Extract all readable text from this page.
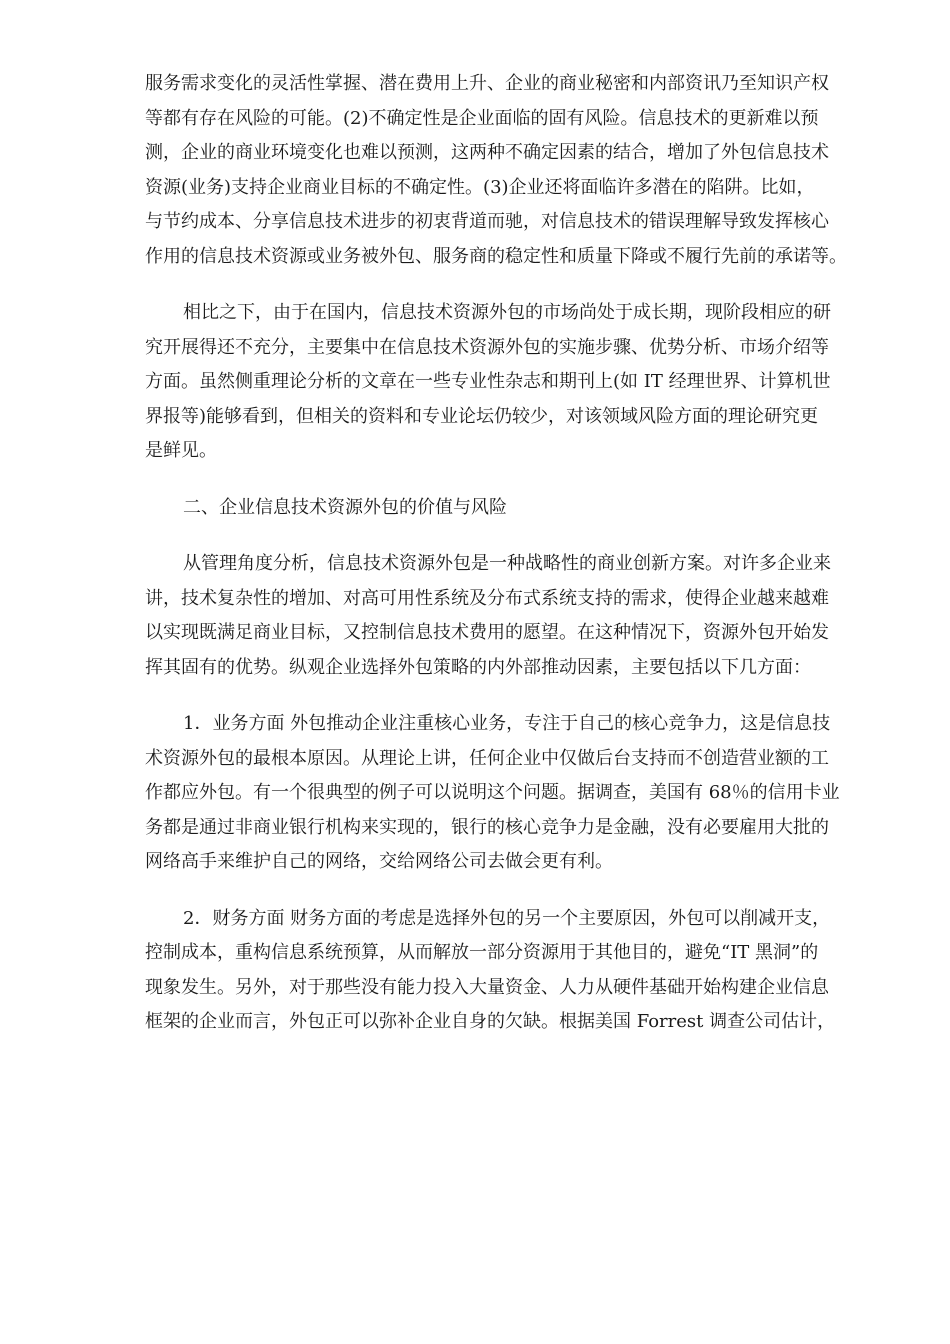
服务需求变化的灵活性掌握、潜在费用上升、企业的商业秘密和内部资讯乃至知识产权
等都有存在风险的可能。(2)不确定性是企业面临的固有风险。信息技术的更新难以预
测，企业的商业环境变化也难以预测，这两种不确定因素的结合，增加了外包信息技术
资源(业务)支持企业商业目标的不确定性。(3)企业还将面临许多潜在的陷阱。比如，
与节约成本、分享信息技术进步的初衷背道而驰，对信息技术的错误理解导致发挥核心
作用的信息技术资源或业务被外包、服务商的稳定性和质量下降或不履行先前的承诺等。
相比之下，由于在国内，信息技术资源外包的市场尚处于成长期，现阶段相应的研
究开展得还不充分，主要集中在信息技术资源外包的实施步骤、优势分析、市场介绍等
方面。虽然侧重理论分析的文章在一些专业性杂志和期刊上(如 IT 经理世界、计算机世
界报等)能够看到，但相关的资料和专业论坛仍较少，对该领域风险方面的理论研究更
是鲜见。
二、企业信息技术资源外包的价值与风险
从管理角度分析，信息技术资源外包是一种战略性的商业创新方案。对许多企业来
讲，技术复杂性的增加、对高可用性系统及分布式系统支持的需求，使得企业越来越难
以实现既满足商业目标，又控制信息技术费用的愿望。在这种情况下，资源外包开始发
挥其固有的优势。纵观企业选择外包策略的内外部推动因素，主要包括以下几方面：
1．业务方面 外包推动企业注重核心业务，专注于自己的核心竞争力，这是信息技
术资源外包的最根本原因。从理论上讲，任何企业中仅做后台支持而不创造营业额的工
作都应外包。有一个很典型的例子可以说明这个问题。据调查，美国有 68％的信用卡业
务都是通过非商业银行机构来实现的，银行的核心竞争力是金融，没有必要雇用大批的
网络高手来维护自己的网络，交给网络公司去做会更有利。
2．财务方面 财务方面的考虑是选择外包的另一个主要原因，外包可以削减开支，
控制成本，重构信息系统预算，从而解放一部分资源用于其他目的，避免“IT 黑洞”的
现象发生。另外，对于那些没有能力投入大量资金、人力从硬件基础开始构建企业信息
框架的企业而言，外包正可以弥补企业自身的欠缺。根据美国 Forrest 调查公司估计，
